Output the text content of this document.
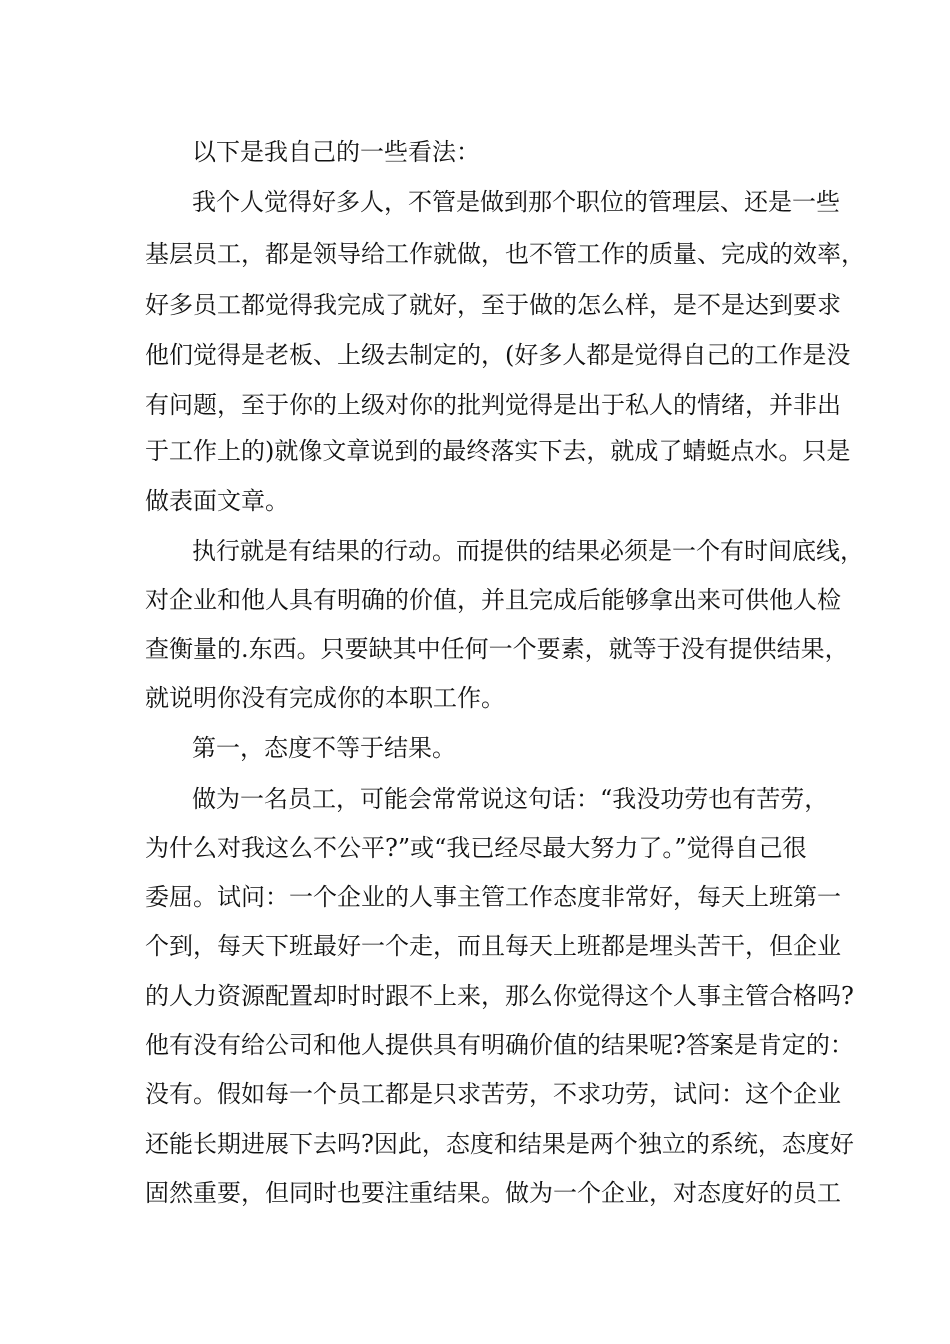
以下是我自己的一些看法：
我个人觉得好多人，不管是做到那个职位的管理层、还是一些
基层员工，都是领导给工作就做，也不管工作的质量、完成的效率，
好多员工都觉得我完成了就好，至于做的怎么样，是不是达到要求
他们觉得是老板、上级去制定的，(好多人都是觉得自己的工作是没
有问题，至于你的上级对你的批判觉得是出于私人的情绪，并非出
于工作上的)就像文章说到的最终落实下去，就成了蜻蜓点水。只是
做表面文章。
执行就是有结果的行动。而提供的结果必须是一个有时间底线，
对企业和他人具有明确的价值，并且完成后能够拿出来可供他人检
查衡量的.东西。只要缺其中任何一个要素，就等于没有提供结果，
就说明你没有完成你的本职工作。
第一，态度不等于结果。
做为一名员工，可能会常常说这句话：“我没功劳也有苦劳，
为什么对我这么不公平?”或“我已经尽最大努力了。”觉得自己很
委屈。试问：一个企业的人事主管工作态度非常好，每天上班第一
个到，每天下班最好一个走，而且每天上班都是埋头苦干，但企业
的人力资源配置却时时跟不上来，那么你觉得这个人事主管合格吗?
他有没有给公司和他人提供具有明确价值的结果呢?答案是肯定的：
没有。假如每一个员工都是只求苦劳，不求功劳，试问：这个企业
还能长期进展下去吗?因此，态度和结果是两个独立的系统，态度好
固然重要，但同时也要注重结果。做为一个企业，对态度好的员工
